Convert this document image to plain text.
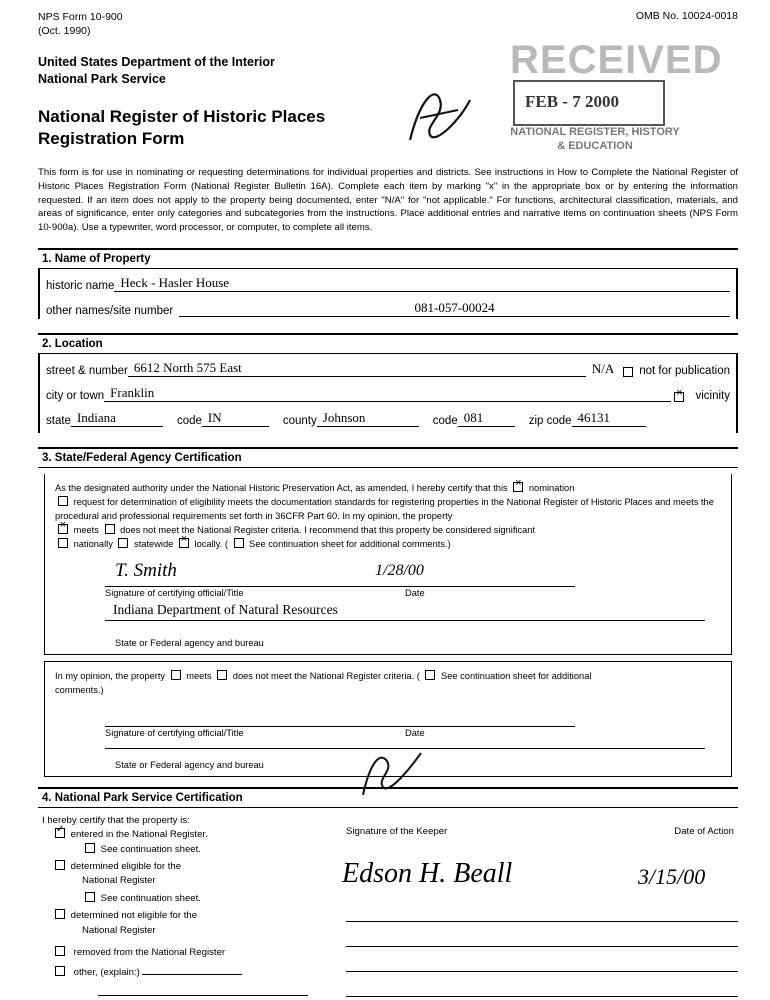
NPS Form 10-900
(Oct. 1990)
OMB No. 10024-0018
United States Department of the Interior
National Park Service
National Register of Historic Places
Registration Form
This form is for use in nominating or requesting determinations for individual properties and districts. See instructions in How to Complete the National Register of Historic Places Registration Form (National Register Bulletin 16A). Complete each item by marking "x" in the appropriate box or by entering the information requested. If an item does not apply to the property being documented, enter "N/A" for "not applicable." For functions, architectural classification, materials, and areas of significance, enter only categories and subcategories from the instructions. Place additional entries and narrative items on continuation sheets (NPS Form 10-900a). Use a typewriter, word processor, or computer, to complete all items.
1. Name of Property
historic name Heck - Hasler House
other names/site number	081-057-00024
2. Location
street & number 6612 North 575 East	N/A	not for publication
city or town Franklin ×	vicinity
state Indiana	code IN	county Johnson	code 081	zip code 46131
3. State/Federal Agency Certification
As the designated authority under the National Historic Preservation Act, as amended, I hereby certify that this × nomination
request for determination of eligibility meets the documentation standards for registering properties in the National Register of Historic Places and meets the procedural and professional requirements set forth in 36CFR Part 60. In my opinion, the property
× meets does not meet the National Register criteria. I recommend that this property be considered significant
nationally statewide × locally. ( See continuation sheet for additional comments.)
T. Smith	1/28/00
Signature of certifying official/Title	Date
Indiana Department of Natural Resources
State or Federal agency and bureau
In my opinion, the property meets does not meet the National Register criteria. ( See continuation sheet for additional
comments.)
Signature of certifying official/Title	Date
State or Federal agency and bureau
4. National Park Service Certification
I hereby certify that the property is:
✓ entered in the National Register.
See continuation sheet.
determined eligible for the
National Register
See continuation sheet.
determined not eligible for the
National Register
removed from the National Register
other, (explain:)
Signature of the Keeper	Date of Action
Edson H. Beall	3/15/00
RECEIVED
FEB - 7 2000
NATIONAL REGISTER, HISTORY
& EDUCATION
